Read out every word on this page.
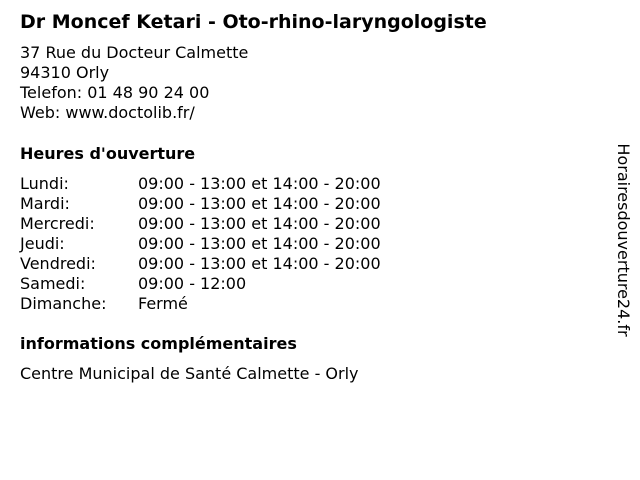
Dr Moncef Ketari - Oto-rhino-laryngologiste
37 Rue du Docteur Calmette
94310 Orly
Telefon: 01 48 90 24 00
Web: www.doctolib.fr/
Heures d'ouverture
Lundi:	09:00 - 13:00 et 14:00 - 20:00
Mardi:	09:00 - 13:00 et 14:00 - 20:00
Mercredi:	09:00 - 13:00 et 14:00 - 20:00
Jeudi:	09:00 - 13:00 et 14:00 - 20:00
Vendredi:	09:00 - 13:00 et 14:00 - 20:00
Samedi:	09:00 - 12:00
Dimanche:	Fermé
informations complémentaires
Centre Municipal de Santé Calmette - Orly
Horairesdouverture24.fr
